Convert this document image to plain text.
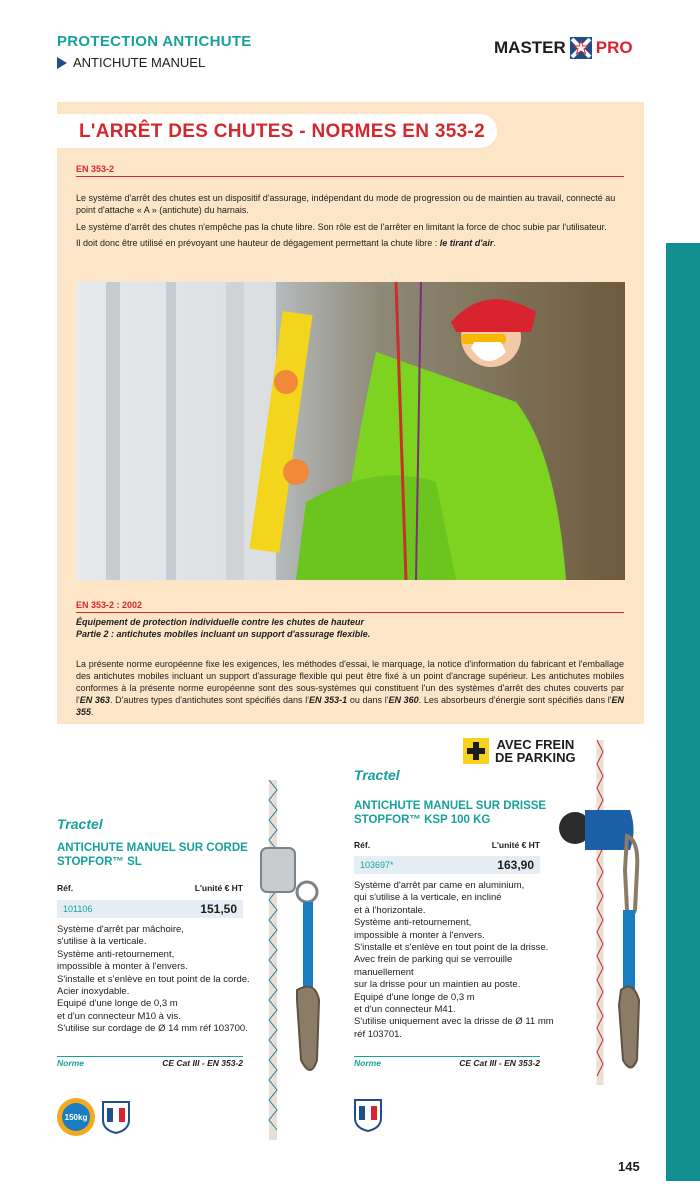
PROTECTION ANTICHUTE
ANTICHUTE MANUEL
MASTER PRO
L'ARRÊT DES CHUTES - NORMES EN 353-2
EN 353-2
Le système d'arrêt des chutes est un dispositif d'assurage, indépendant du mode de progression ou de maintien au travail, connecté au point d'attache « A » (antichute) du harnais.
Le système d'arrêt des chutes n'empêche pas la chute libre. Son rôle est de l'arrêter en limitant la force de choc subie par l'utilisateur.
Il doit donc être utilisé en prévoyant une hauteur de dégagement permettant la chute libre : le tirant d'air.
EN 353-2 : 2002
Équipement de protection individuelle contre les chutes de hauteur
Partie 2 : antichutes mobiles incluant un support d'assurage flexible.
La présente norme européenne fixe les exigences, les méthodes d'essai, le marquage, la notice d'information du fabricant et l'emballage des antichutes mobiles incluant un support d'assurage flexible qui peut être fixé à un point d'ancrage supérieur. Les antichutes mobiles conformes à la présente norme européenne sont des sous-systèmes qui constituent l'un des systèmes d'arrêt des chutes couverts par l'EN 363. D'autres types d'antichutes sont spécifiés dans l'EN 353-1 ou dans l'EN 360. Les absorbeurs d'énergie sont spécifiés dans l'EN 355.
Tractel
ANTICHUTE MANUEL SUR CORDE
STOPFOR™ SL
Réf.	L'unité € HT
101106	151,50
Système d'arrêt par mâchoire,
s'utilise à la verticale.
Système anti-retournement,
impossible à monter à l'envers.
S'installe et s'enlève en tout point de la corde.
Acier inoxydable.
Equipé d'une longe de 0,3 m
et d'un connecteur M10 à vis.
S'utilise sur cordage de Ø 14 mm réf 103700.
Norme	CE Cat III - EN 353-2
150kg
AVEC FREIN
DE PARKING
Tractel
ANTICHUTE MANUEL SUR DRISSE
STOPFOR™ KSP 100 KG
Réf.	L'unité € HT
103697*	163,90
Système d'arrêt par came en aluminium,
qui s'utilise à la verticale, en incliné
et à l'horizontale.
Système anti-retournement,
impossible à monter à l'envers.
S'installe et s'enlève en tout point de la drisse.
Avec frein de parking qui se verrouille manuellement
sur la drisse pour un maintien au poste.
Equipé d'une longe de 0,3 m
et d'un connecteur M41.
S'utilise uniquement avec la drisse de Ø 11 mm
réf 103701.
Norme	CE Cat III - EN 353-2
145
